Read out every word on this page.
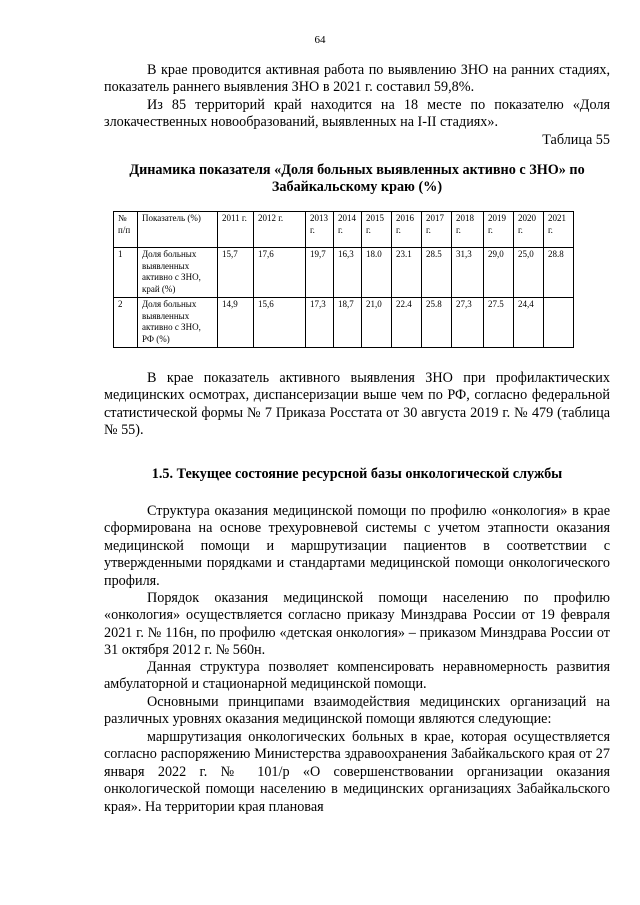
64

В крае проводится активная работа по выявлению ЗНО на ранних стадиях, показатель раннего выявления ЗНО в 2021 г. составил 59,8%.

Из 85 территорий край находится на 18 месте по показателю «Доля злокачественных новообразований, выявленных на I-II стадиях».

Таблица 55

Динамика показателя «Доля больных выявленных активно с ЗНО» по Забайкальскому краю (%)

№ п/п	Показатель (%)	2011 г.	2012 г.	2013 г.	2014 г.	2015 г.	2016 г.	2017 г.	2018 г.	2019 г.	2020 г.	2021 г.
1	Доля больных выявленных активно с ЗНО, край (%)	15,7	17,6	19,7	16,3	18.0	23.1	28.5	31,3	29,0	25,0	28.8
2	Доля больных выявленных активно с ЗНО, РФ (%)	14,9	15,6	17,3	18,7	21,0	22.4	25.8	27,3	27.5	24,4	

В крае показатель активного выявления ЗНО при профилактических медицинских осмотрах, диспансеризации выше чем по РФ, согласно федеральной статистической формы № 7 Приказа Росстата от 30 августа 2019 г. № 479 (таблица № 55).

1.5. Текущее состояние ресурсной базы онкологической службы

Структура оказания медицинской помощи по профилю «онкология» в крае сформирована на основе трехуровневой системы с учетом этапности оказания медицинской помощи и маршрутизации пациентов в соответствии с утвержденными порядками и стандартами медицинской помощи онкологического профиля.

Порядок оказания медицинской помощи населению по профилю «онкология» осуществляется согласно приказу Минздрава России от 19 февраля 2021 г. № 116н, по профилю «детская онкология» – приказом Минздрава России от 31 октября 2012 г. № 560н.

Данная структура позволяет компенсировать неравномерность развития амбулаторной и стационарной медицинской помощи.

Основными принципами взаимодействия медицинских организаций на различных уровнях оказания медицинской помощи являются следующие:

маршрутизация онкологических больных в крае, которая осуществляется согласно распоряжению Министерства здравоохранения Забайкальского края от 27 января 2022 г. № 101/р «О совершенствовании организации оказания онкологической помощи населению в медицинских организациях Забайкальского края». На территории края плановая
